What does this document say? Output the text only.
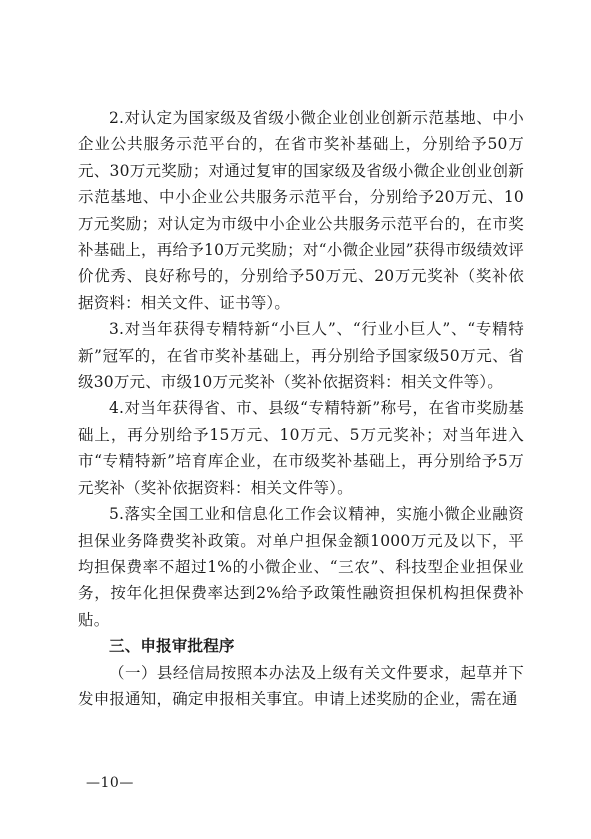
2.对认定为国家级及省级小微企业创业创新示范基地、中小企业公共服务示范平台的，在省市奖补基础上，分别给予50万元、30万元奖励；对通过复审的国家级及省级小微企业创业创新示范基地、中小企业公共服务示范平台，分别给予20万元、10万元奖励；对认定为市级中小企业公共服务示范平台的，在市奖补基础上，再给予10万元奖励；对“小微企业园”获得市级绩效评价优秀、良好称号的，分别给予50万元、20万元奖补（奖补依据资料：相关文件、证书等）。

3.对当年获得专精特新“小巨人”、“行业小巨人”、“专精特新”冠军的，在省市奖补基础上，再分别给予国家级50万元、省级30万元、市级10万元奖补（奖补依据资料：相关文件等）。

4.对当年获得省、市、县级“专精特新”称号，在省市奖励基础上，再分别给予15万元、10万元、5万元奖补；对当年进入市“专精特新”培育库企业，在市级奖补基础上，再分别给予5万元奖补（奖补依据资料：相关文件等）。

5.落实全国工业和信息化工作会议精神，实施小微企业融资担保业务降费奖补政策。对单户担保金额1000万元及以下，平均担保费率不超过1%的小微企业、“三农”、科技型企业担保业务，按年化担保费率达到2%给予政策性融资担保机构担保费补贴。

三、申报审批程序

（一）县经信局按照本办法及上级有关文件要求，起草并下发申报通知，确定申报相关事宜。申请上述奖励的企业，需在通

—10—
